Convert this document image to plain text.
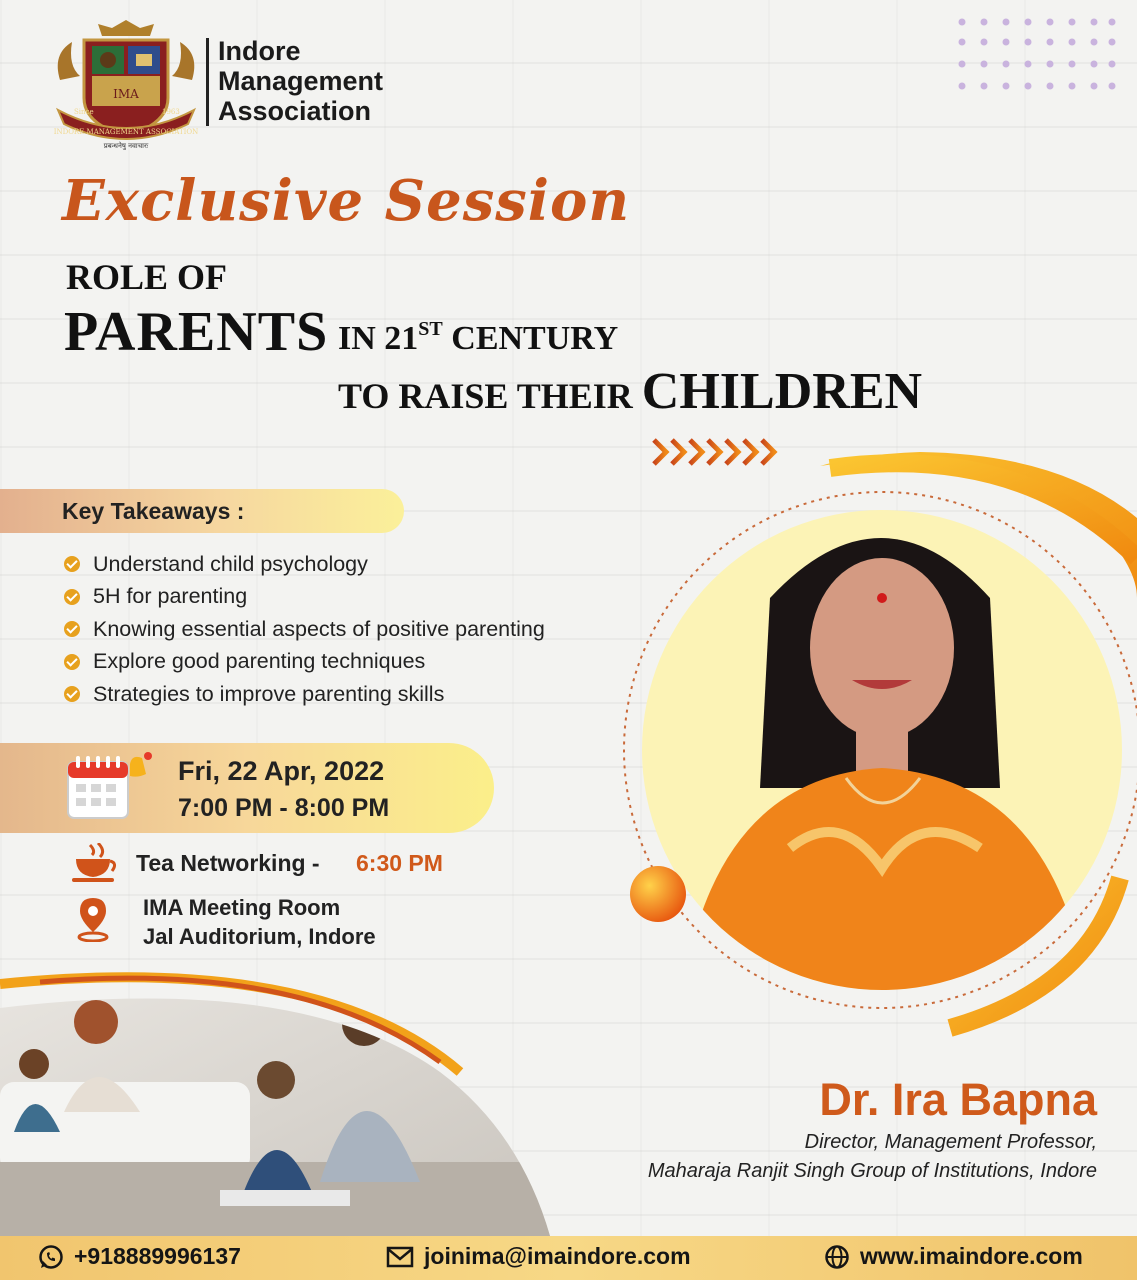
IMA
INDORE MANAGEMENT ASSOCIATION
Since	1963
प्रबन्धनेषु नवाचारः
Indore
Management
Association
Exclusive Session
ROLE OF
PARENTS IN 21ST CENTURY
TO RAISE THEIR CHILDREN
Key Takeaways :
Understand child psychology
5H for parenting
Knowing essential aspects of positive parenting
Explore good parenting techniques
Strategies to improve parenting skills
Fri, 22 Apr, 2022
7:00 PM - 8:00 PM
Tea Networking - 6:30 PM
IMA Meeting Room
Jal Auditorium, Indore
Dr. Ira Bapna
Director, Management Professor,
Maharaja Ranjit Singh Group of Institutions, Indore
+918889996137	joinima@imaindore.com	www.imaindore.com
